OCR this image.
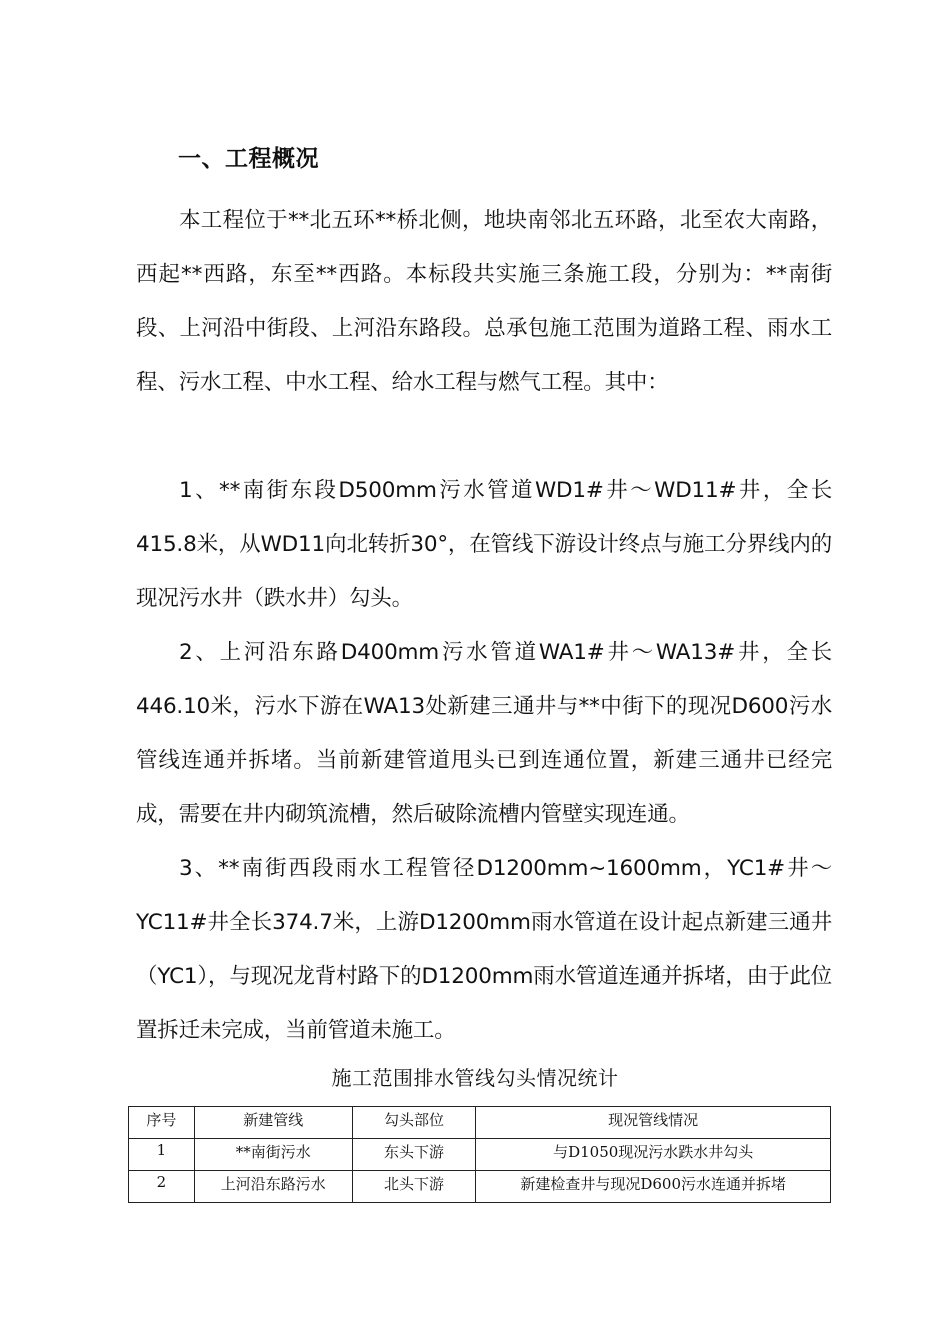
一、工程概况

本工程位于**北五环**桥北侧，地块南邻北五环路，北至农大南路，西起**西路，东至**西路。本标段共实施三条施工段，分别为：**南街段、上河沿中街段、上河沿东路段。总承包施工范围为道路工程、雨水工程、污水工程、中水工程、给水工程与燃气工程。其中：

1、**南街东段D500mm污水管道WD1#井～WD11#井，全长415.8米，从WD11向北转折30°，在管线下游设计终点与施工分界线内的现况污水井（跌水井）勾头。

2、上河沿东路D400mm污水管道WA1#井～WA13#井，全长446.10米，污水下游在WA13处新建三通井与**中街下的现况D600污水管线连通并拆堵。当前新建管道甩头已到连通位置，新建三通井已经完成，需要在井内砌筑流槽，然后破除流槽内管壁实现连通。

3、**南街西段雨水工程管径D1200mm~1600mm，YC1#井～YC11#井全长374.7米，上游D1200mm雨水管道在设计起点新建三通井（YC1），与现况龙背村路下的D1200mm雨水管道连通并拆堵，由于此位置拆迁未完成，当前管道未施工。

施工范围排水管线勾头情况统计
序号	新建管线	勾头部位	现况管线情况
1	**南街污水	东头下游	与D1050现况污水跌水井勾头
2	上河沿东路污水	北头下游	新建检查井与现况D600污水连通并拆堵
